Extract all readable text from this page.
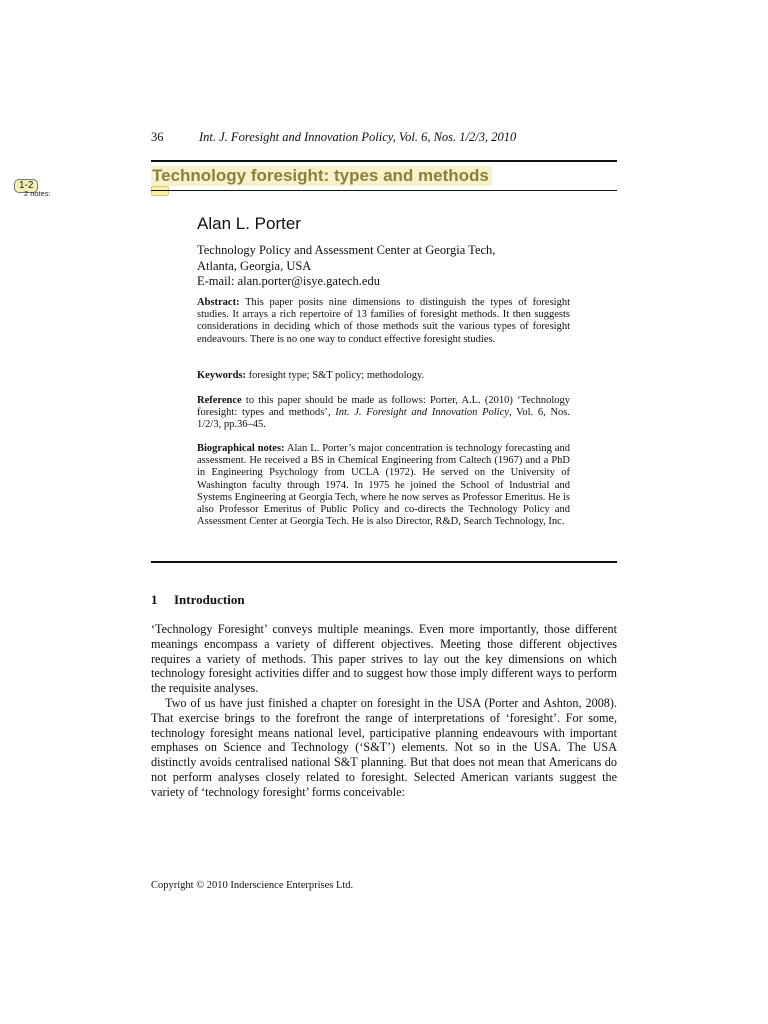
36	Int. J. Foresight and Innovation Policy, Vol. 6, Nos. 1/2/3, 2010
1-2
2 notes:
Technology foresight: types and methods
Alan L. Porter
Technology Policy and Assessment Center at Georgia Tech,
Atlanta, Georgia, USA
E-mail: alan.porter@isye.gatech.edu
Abstract: This paper posits nine dimensions to distinguish the types of foresight studies. It arrays a rich repertoire of 13 families of foresight methods. It then suggests considerations in deciding which of those methods suit the various types of foresight endeavours. There is no one way to conduct effective foresight studies.
Keywords: foresight type; S&T policy; methodology.
Reference to this paper should be made as follows: Porter, A.L. (2010) ‘Technology foresight: types and methods’, Int. J. Foresight and Innovation Policy, Vol. 6, Nos. 1/2/3, pp.36–45.
Biographical notes: Alan L. Porter’s major concentration is technology forecasting and assessment. He received a BS in Chemical Engineering from Caltech (1967) and a PhD in Engineering Psychology from UCLA (1972). He served on the University of Washington faculty through 1974. In 1975 he joined the School of Industrial and Systems Engineering at Georgia Tech, where he now serves as Professor Emeritus. He is also Professor Emeritus of Public Policy and co-directs the Technology Policy and Assessment Center at Georgia Tech. He is also Director, R&D, Search Technology, Inc.
1 Introduction

‘Technology Foresight’ conveys multiple meanings. Even more importantly, those different meanings encompass a variety of different objectives. Meeting those different objectives requires a variety of methods. This paper strives to lay out the key dimensions on which technology foresight activities differ and to suggest how those imply different ways to perform the requisite analyses.

Two of us have just finished a chapter on foresight in the USA (Porter and Ashton, 2008). That exercise brings to the forefront the range of interpretations of ‘foresight’. For some, technology foresight means national level, participative planning endeavours with important emphases on Science and Technology (‘S&T’) elements. Not so in the USA. The USA distinctly avoids centralised national S&T planning. But that does not mean that Americans do not perform analyses closely related to foresight. Selected American variants suggest the variety of ‘technology foresight’ forms conceivable:

Copyright © 2010 Inderscience Enterprises Ltd.
